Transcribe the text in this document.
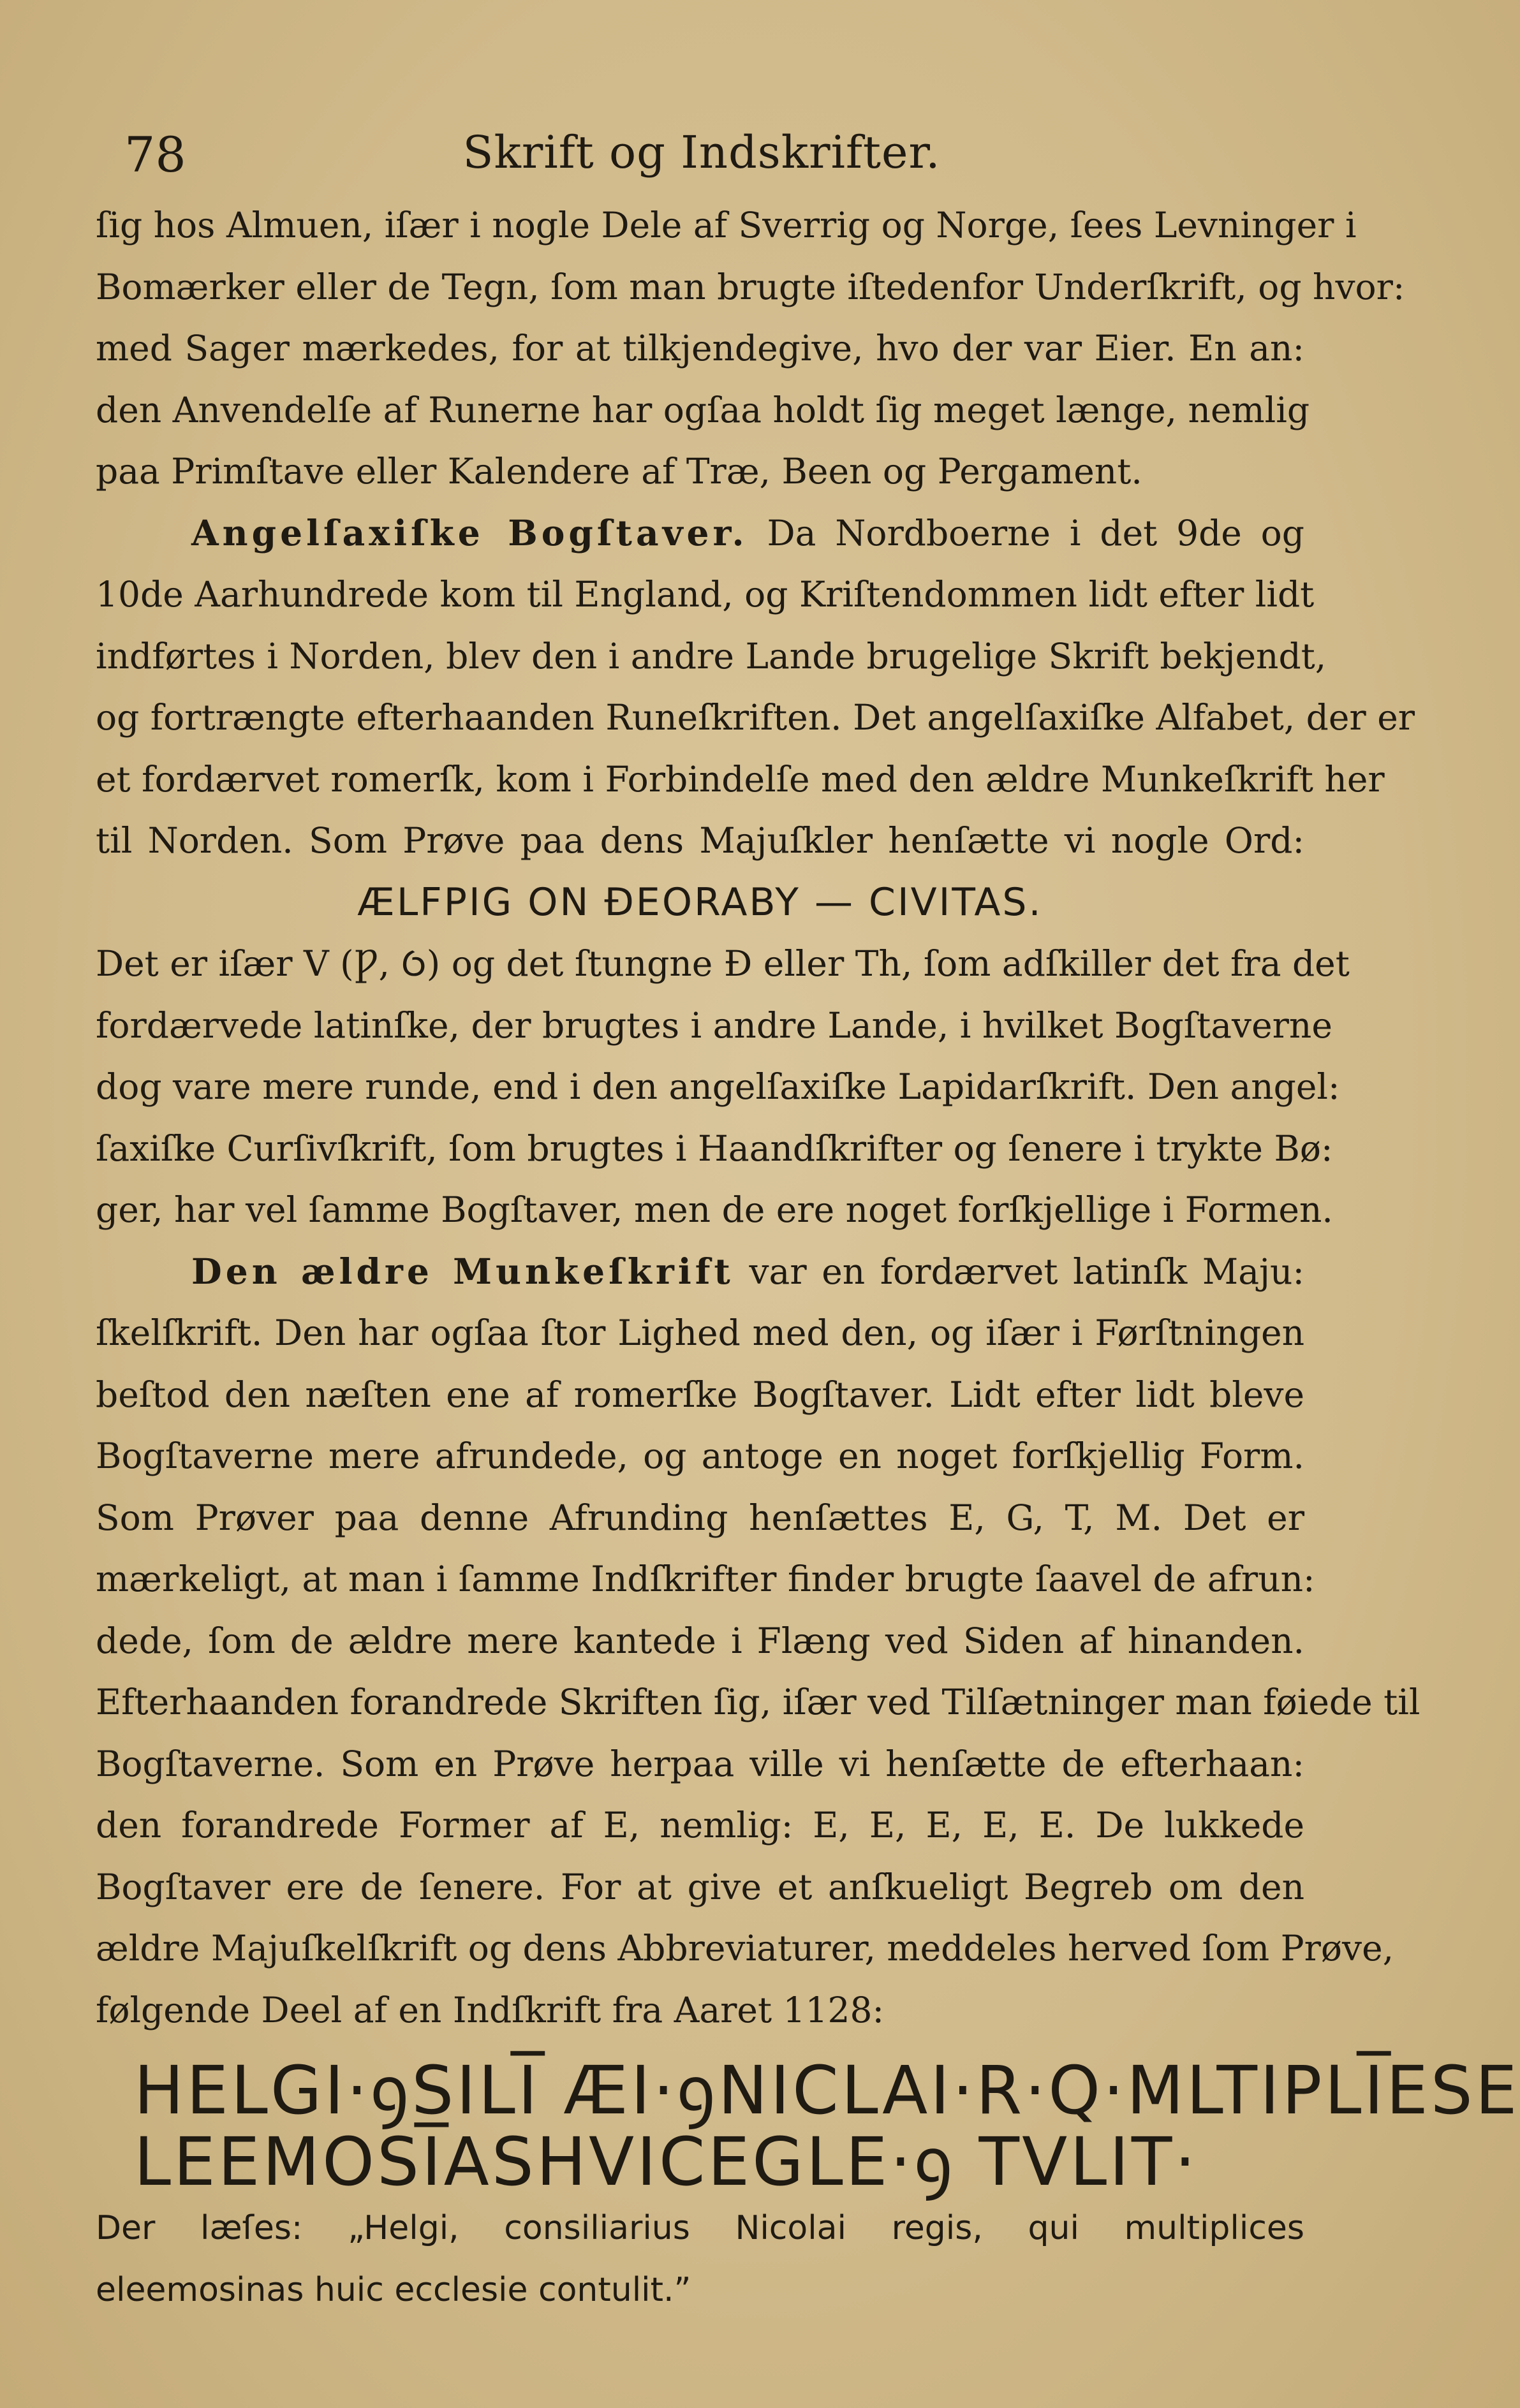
78	Skrift og Indskrifter.
ſig hos Almuen, iſær i nogle Dele af Sverrig og Norge, ſees Levninger i
Bomærker eller de Tegn, ſom man brugte iſtedenfor Underſkrift, og hvor:
med Sager mærkedes, for at tilkjendegive, hvo der var Eier. En an:
den Anvendelſe af Runerne har ogſaa holdt ſig meget længe, nemlig
paa Primſtave eller Kalendere af Træ, Been og Pergament.
Angelſaxiſke Bogſtaver. Da Nordboerne i det 9de og
10de Aarhundrede kom til England, og Kriſtendommen lidt efter lidt
indførtes i Norden, blev den i andre Lande brugelige Skrift bekjendt,
og fortrængte efterhaanden Runeſkriften. Det angelſaxiſke Alfabet, der er
et fordærvet romerſk, kom i Forbindelſe med den ældre Munkeſkrift her
til Norden. Som Prøve paa dens Majuſkler henſætte vi nogle Ord:
ÆLFPIG ON ÐEORABY — CIVITAS.
Det er iſær V (Ƿ, Ỽ) og det ſtungne Đ eller Th, ſom adſkiller det fra det
fordærvede latinſke, der brugtes i andre Lande, i hvilket Bogſtaverne
dog vare mere runde, end i den angelſaxiſke Lapidarſkrift. Den angel:
ſaxiſke Curſivſkrift, ſom brugtes i Haandſkrifter og ſenere i trykte Bø:
ger, har vel ſamme Bogſtaver, men de ere noget forſkjellige i Formen.
Den ældre Munkeſkrift var en fordærvet latinſk Maju:
ſkelſkrift. Den har ogſaa ſtor Lighed med den, og iſær i Førſtningen
beſtod den næſten ene af romerſke Bogſtaver. Lidt efter lidt bleve
Bogſtaverne mere afrundede, og antoge en noget forſkjellig Form.
Som Prøver paa denne Afrunding henſættes E, G, T, M. Det er
mærkeligt, at man i ſamme Indſkrifter finder brugte ſaavel de afrun:
dede, ſom de ældre mere kantede i Flæng ved Siden af hinanden.
Efterhaanden forandrede Skriften ſig, iſær ved Tilſætninger man føiede til
Bogſtaverne. Som en Prøve herpaa ville vi henſætte de efterhaan:
den forandrede Former af E, nemlig: E, E, E, E, E. De lukkede
Bogſtaver ere de ſenere. For at give et anſkueligt Begreb om den
ældre Majuſkelſkrift og dens Abbreviaturer, meddeles herved ſom Prøve,
følgende Deel af en Indſkrift fra Aaret 1128:
HELGI·ꝯSILI̅ ÆI·ꝯNICLAI·R·Q·MLTIPLI̅ESE
LEEMOSI̅ASHVICEGLE·ꝯ TVLIT·
Der læſes: „Helgi, consiliarius Nicolai regis, qui multiplices
eleemosinas huic ecclesie contulit.”
